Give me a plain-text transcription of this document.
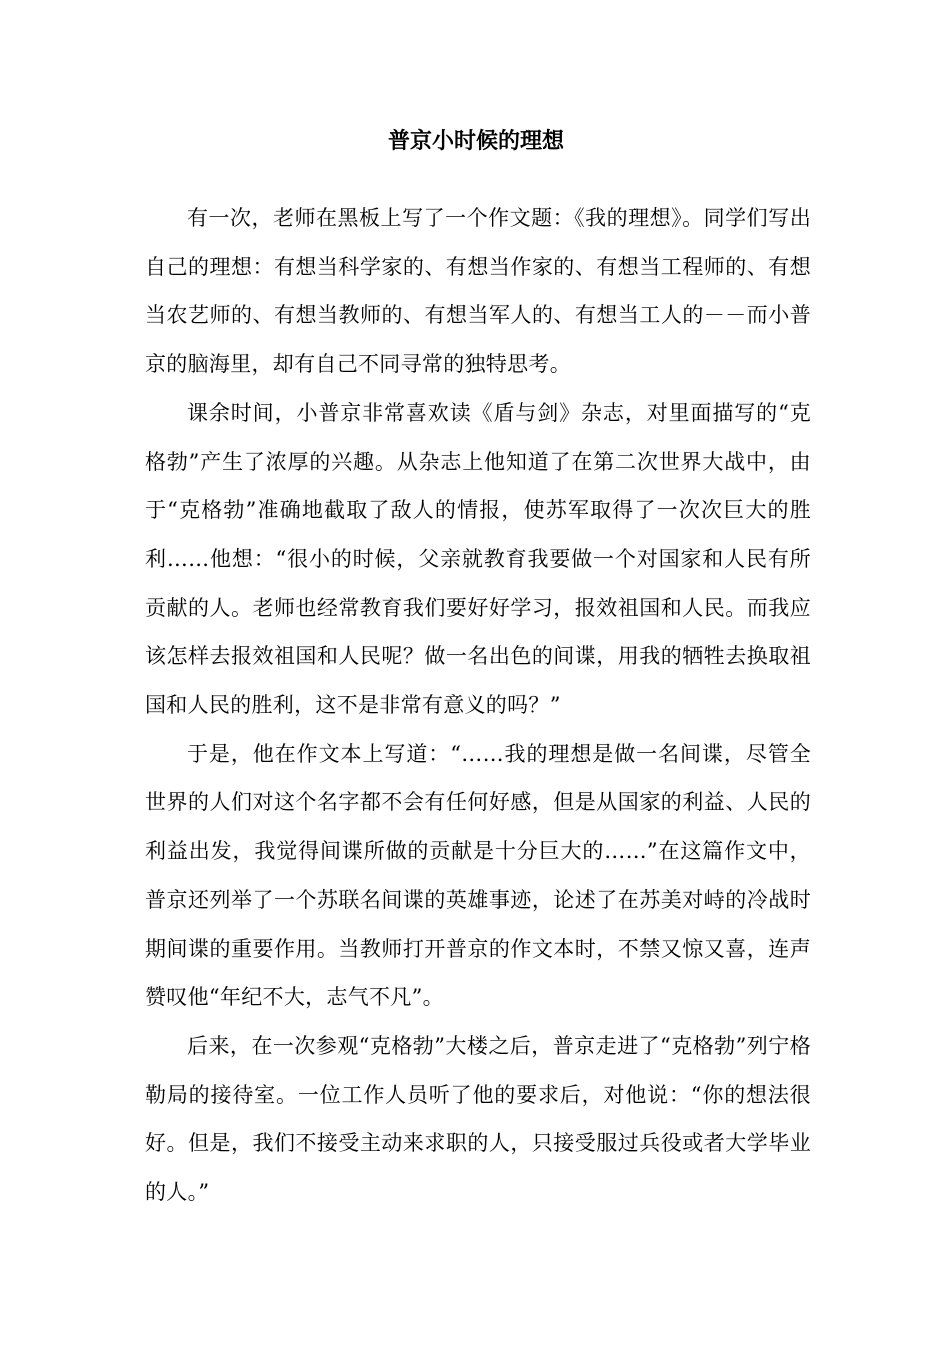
普京小时候的理想

有一次，老师在黑板上写了一个作文题：《我的理想》。同学们写出自己的理想：有想当科学家的、有想当作家的、有想当工程师的、有想当农艺师的、有想当教师的、有想当军人的、有想当工人的－－而小普京的脑海里，却有自己不同寻常的独特思考。

课余时间，小普京非常喜欢读《盾与剑》杂志，对里面描写的“克格勃”产生了浓厚的兴趣。从杂志上他知道了在第二次世界大战中，由于“克格勃”准确地截取了敌人的情报，使苏军取得了一次次巨大的胜利……他想：“很小的时候，父亲就教育我要做一个对国家和人民有所贡献的人。老师也经常教育我们要好好学习，报效祖国和人民。而我应该怎样去报效祖国和人民呢？做一名出色的间谍，用我的牺牲去换取祖国和人民的胜利，这不是非常有意义的吗？”

于是，他在作文本上写道：“……我的理想是做一名间谍，尽管全世界的人们对这个名字都不会有任何好感，但是从国家的利益、人民的利益出发，我觉得间谍所做的贡献是十分巨大的……”在这篇作文中，普京还列举了一个苏联名间谍的英雄事迹，论述了在苏美对峙的冷战时期间谍的重要作用。当教师打开普京的作文本时，不禁又惊又喜，连声赞叹他“年纪不大，志气不凡”。

后来，在一次参观“克格勃”大楼之后，普京走进了“克格勃”列宁格勒局的接待室。一位工作人员听了他的要求后，对他说：“你的想法很好。但是，我们不接受主动来求职的人，只接受服过兵役或者大学毕业的人。”
